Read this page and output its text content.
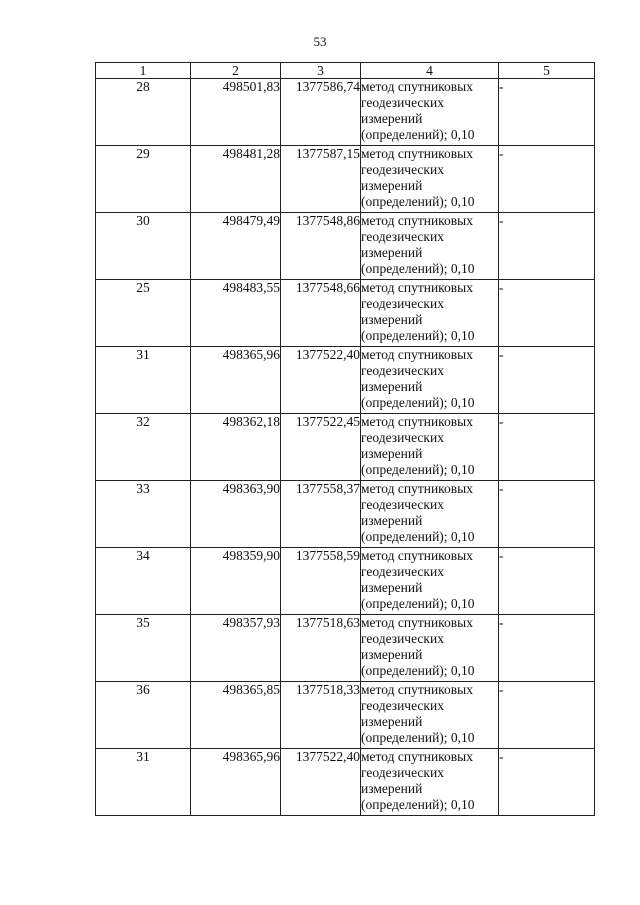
53
1	2	3	4	5
28	498501,83	1377586,74	метод спутниковых геодезических измерений (определений); 0,10	-
29	498481,28	1377587,15	метод спутниковых геодезических измерений (определений); 0,10	-
30	498479,49	1377548,86	метод спутниковых геодезических измерений (определений); 0,10	-
25	498483,55	1377548,66	метод спутниковых геодезических измерений (определений); 0,10	-
31	498365,96	1377522,40	метод спутниковых геодезических измерений (определений); 0,10	-
32	498362,18	1377522,45	метод спутниковых геодезических измерений (определений); 0,10	-
33	498363,90	1377558,37	метод спутниковых геодезических измерений (определений); 0,10	-
34	498359,90	1377558,59	метод спутниковых геодезических измерений (определений); 0,10	-
35	498357,93	1377518,63	метод спутниковых геодезических измерений (определений); 0,10	-
36	498365,85	1377518,33	метод спутниковых геодезических измерений (определений); 0,10	-
31	498365,96	1377522,40	метод спутниковых геодезических измерений (определений); 0,10	-
